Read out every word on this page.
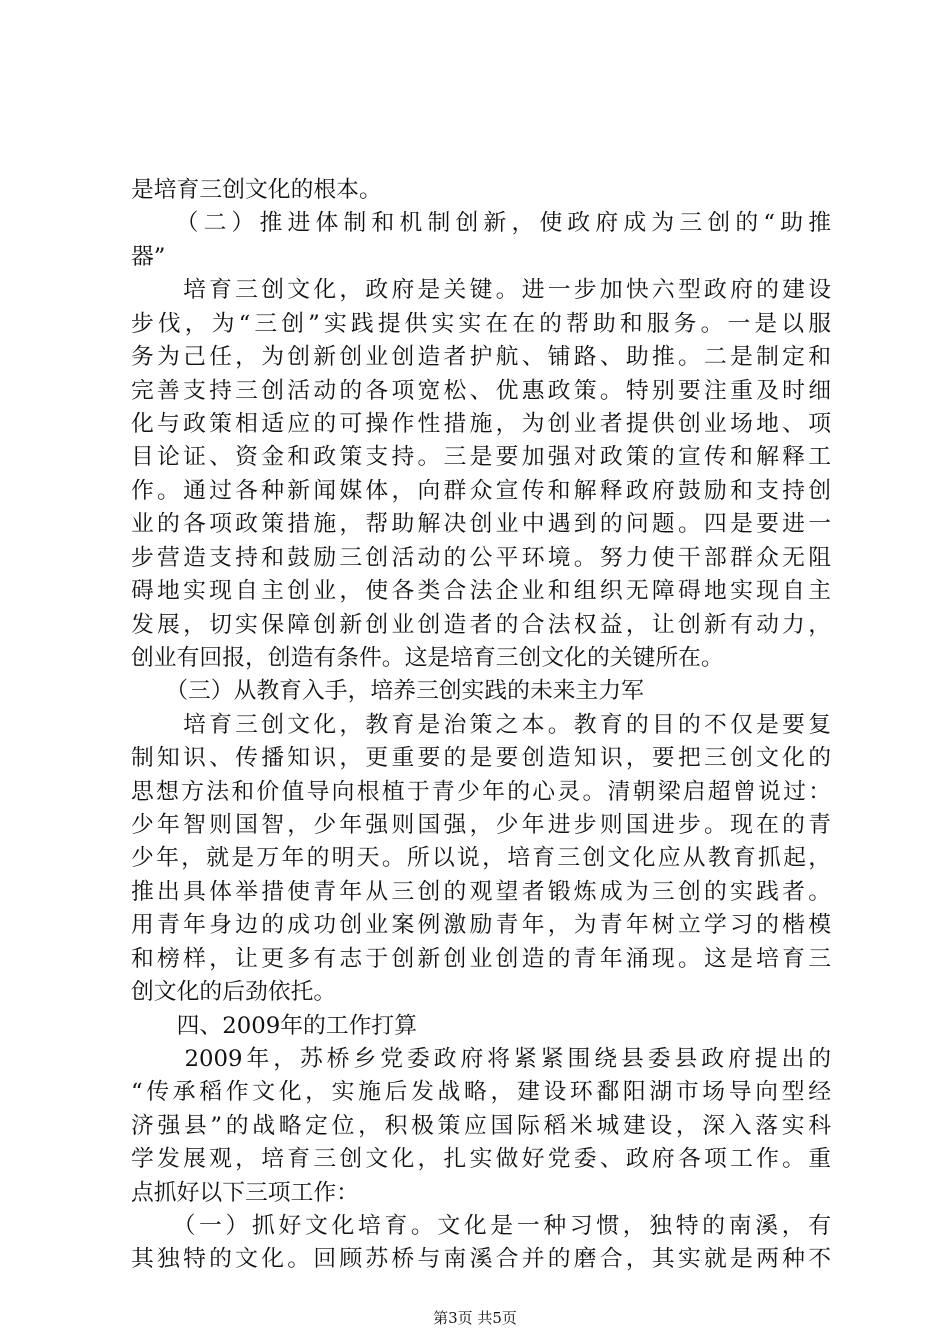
是培育三创文化的根本。
　　（二）推进体制和机制创新，使政府成为三创的“助推
器”
　　培育三创文化，政府是关键。进一步加快六型政府的建设
步伐，为“三创”实践提供实实在在的帮助和服务。一是以服
务为己任，为创新创业创造者护航、铺路、助推。二是制定和
完善支持三创活动的各项宽松、优惠政策。特别要注重及时细
化与政策相适应的可操作性措施，为创业者提供创业场地、项
目论证、资金和政策支持。三是要加强对政策的宣传和解释工
作。通过各种新闻媒体，向群众宣传和解释政府鼓励和支持创
业的各项政策措施，帮助解决创业中遇到的问题。四是要进一
步营造支持和鼓励三创活动的公平环境。努力使干部群众无阻
碍地实现自主创业，使各类合法企业和组织无障碍地实现自主
发展，切实保障创新创业创造者的合法权益，让创新有动力，
创业有回报，创造有条件。这是培育三创文化的关键所在。
　　（三）从教育入手，培养三创实践的未来主力军
　　培育三创文化，教育是治策之本。教育的目的不仅是要复
制知识、传播知识，更重要的是要创造知识，要把三创文化的
思想方法和价值导向根植于青少年的心灵。清朝梁启超曾说过：
少年智则国智，少年强则国强，少年进步则国进步。现在的青
少年，就是万年的明天。所以说，培育三创文化应从教育抓起，
推出具体举措使青年从三创的观望者锻炼成为三创的实践者。
用青年身边的成功创业案例激励青年，为青年树立学习的楷模
和榜样，让更多有志于创新创业创造的青年涌现。这是培育三
创文化的后劲依托。
　　四、2009年的工作打算
　　2009年，苏桥乡党委政府将紧紧围绕县委县政府提出的
“传承稻作文化，实施后发战略，建设环鄱阳湖市场导向型经
济强县”的战略定位，积极策应国际稻米城建设，深入落实科
学发展观，培育三创文化，扎实做好党委、政府各项工作。重
点抓好以下三项工作：
　　（一）抓好文化培育。文化是一种习惯，独特的南溪，有
其独特的文化。回顾苏桥与南溪合并的磨合，其实就是两种不
第3页 共5页
